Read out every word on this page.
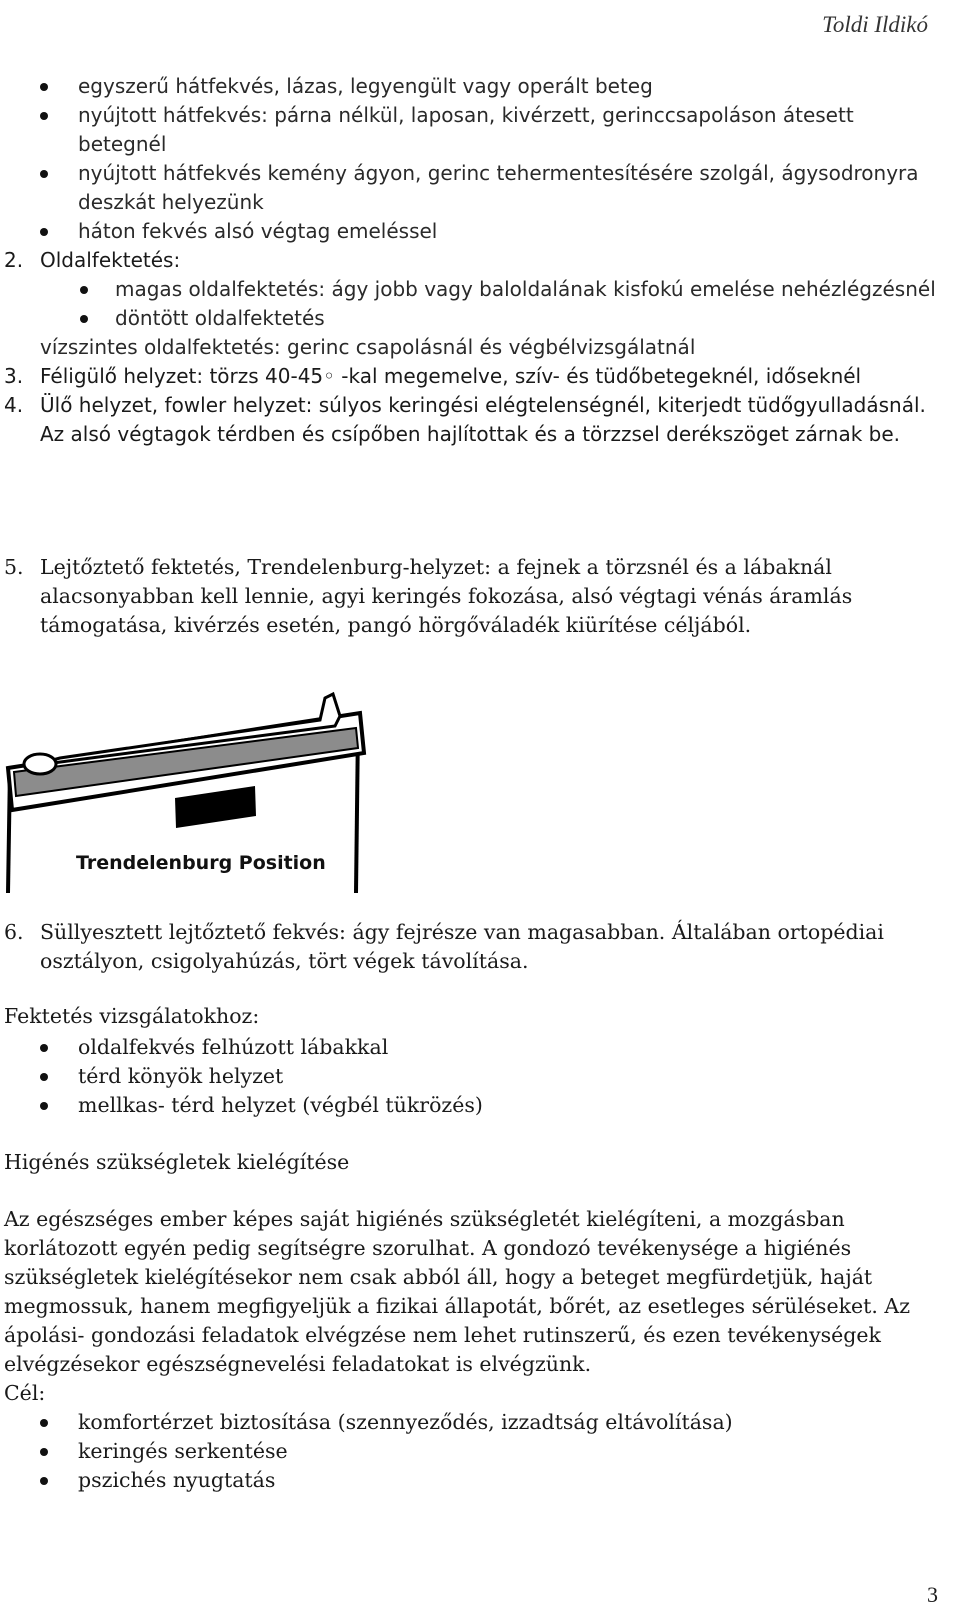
Toldi Ildikó
egyszerű hátfekvés, lázas, legyengült vagy operált beteg
nyújtott hátfekvés: párna nélkül, laposan, kivérzett, gerinccsapoláson átesett betegnél
nyújtott hátfekvés kemény ágyon, gerinc tehermentesítésére szolgál, ágysodronyra deszkát helyezünk
háton fekvés alsó végtag emeléssel
2. Oldalfektetés:
magas oldalfektetés: ágy jobb vagy baloldalának kisfokú emelése nehézlégzésnél
döntött oldalfektetés
vízszintes oldalfektetés: gerinc csapolásnál és végbélvizsgálatnál
3. Féligülő helyzet: törzs 40-45◦ -kal megemelve, szív- és tüdőbetegeknél, időseknél
4. Ülő helyzet, fowler helyzet: súlyos keringési elégtelenségnél, kiterjedt tüdőgyulladásnál. Az alsó végtagok térdben és csípőben hajlítottak és a törzzsel derékszöget zárnak be.
5. Lejtőztető fektetés, Trendelenburg-helyzet: a fejnek a törzsnél és a lábaknál alacsonyabban kell lennie, agyi keringés fokozása, alsó végtagi vénás áramlás támogatása, kivérzés esetén, pangó hörgőváladék kiürítése céljából.
Trendelenburg Position
6. Süllyesztett lejtőztető fekvés: ágy fejrésze van magasabban. Általában ortopédiai osztályon, csigolyahúzás, tört végek távolítása.
Fektetés vizsgálatokhoz:
oldalfekvés felhúzott lábakkal
térd könyök helyzet
mellkas- térd helyzet (végbél tükrözés)
Higénés szükségletek kielégítése
Az egészséges ember képes saját higiénés szükségletét kielégíteni, a mozgásban korlátozott egyén pedig segítségre szorulhat. A gondozó tevékenysége a higiénés szükségletek kielégítésekor nem csak abból áll, hogy a beteget megfürdetjük, haját megmossuk, hanem megfigyeljük a fizikai állapotát, bőrét, az esetleges sérüléseket. Az ápolási- gondozási feladatok elvégzése nem lehet rutinszerű, és ezen tevékenységek elvégzésekor egészségnevelési feladatokat is elvégzünk.
Cél:
komfortérzet biztosítása (szennyeződés, izzadtság eltávolítása)
keringés serkentése
pszichés nyugtatás
3
